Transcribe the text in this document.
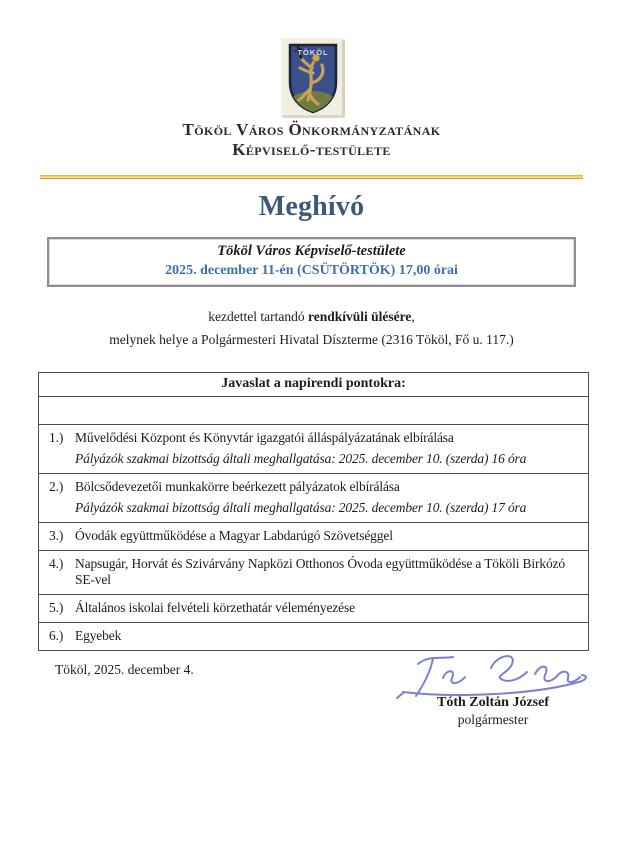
TÖKÖL
Tököl Város Önkormányzatának
Képviselő-testülete
Meghívó
Tököl Város Képviselő-testülete
2025. december 11-én (CSÜTÖRTÖK) 17,00 órai
kezdettel tartandó rendkívüli ülésére,
melynek helye a Polgármesteri Hivatal Díszterme (2316 Tököl, Fő u. 117.)
Javaslat a napirendi pontokra:
1.) Művelődési Központ és Könyvtár igazgatói álláspályázatának elbírálása
Pályázók szakmai bizottság általi meghallgatása: 2025. december 10. (szerda) 16 óra
2.) Bölcsődevezetői munkakörre beérkezett pályázatok elbírálása
Pályázók szakmai bizottság általi meghallgatása: 2025. december 10. (szerda) 17 óra
3.) Óvodák együttműködése a Magyar Labdarúgó Szövetséggel
4.) Napsugár, Horvát és Szivárvány Napközi Otthonos Óvoda együttműködése a Tököli Birkózó SE-vel
5.) Általános iskolai felvételi körzethatár véleményezése
6.) Egyebek
Tököl, 2025. december 4.
Tóth Zoltán József
polgármester
